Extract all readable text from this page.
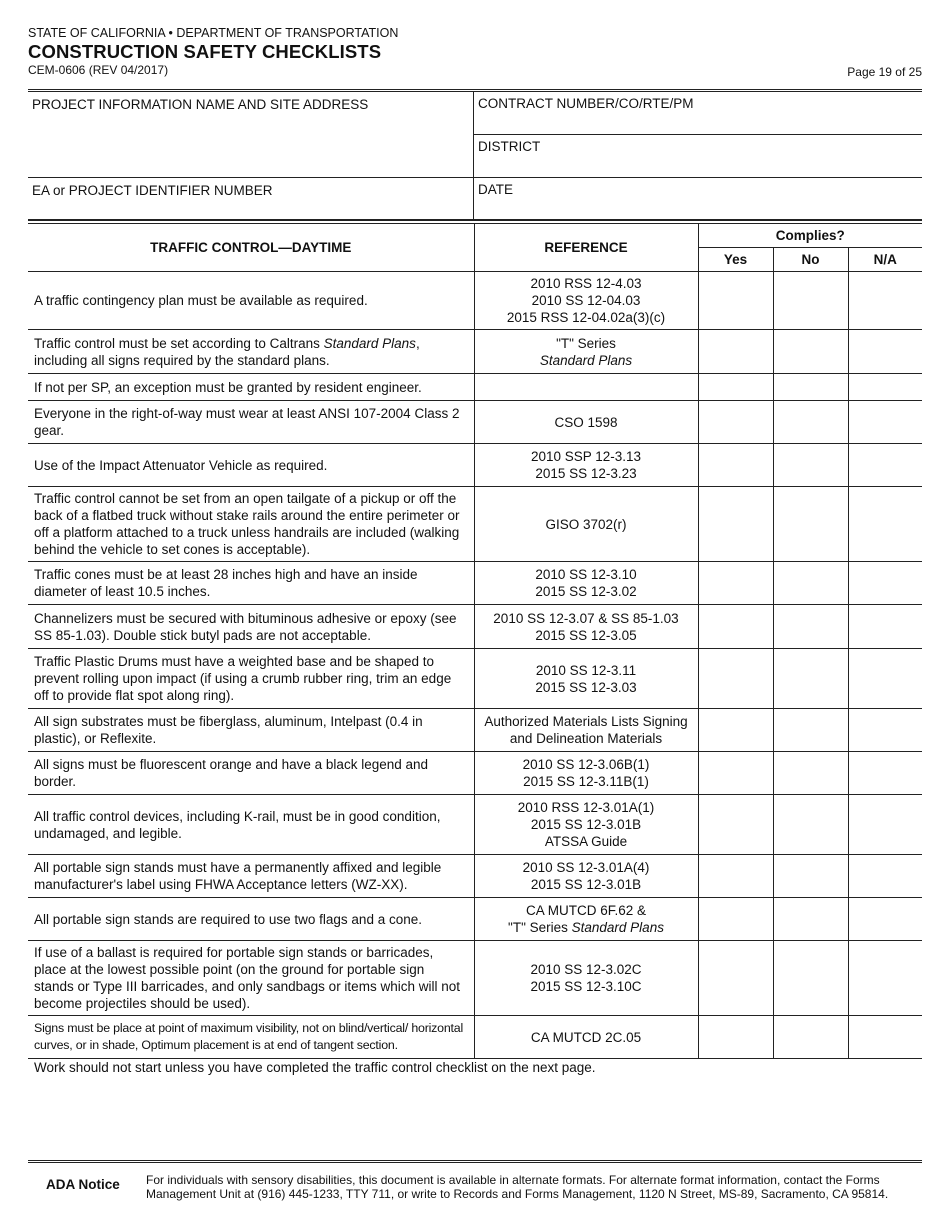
STATE OF CALIFORNIA • DEPARTMENT OF TRANSPORTATION
CONSTRUCTION SAFETY CHECKLISTS
CEM-0606 (REV 04/2017)	Page 19 of 25
PROJECT INFORMATION NAME AND SITE ADDRESS	CONTRACT NUMBER/CO/RTE/PM
DISTRICT
EA or PROJECT IDENTIFIER NUMBER	DATE
TRAFFIC CONTROL—DAYTIME	REFERENCE	Complies?		
		Yes	No	N/A
A traffic contingency plan must be available as required.	2010 RSS 12-4.03
2010 SS 12-04.03
2015 RSS 12-04.02a(3)(c)			

Traffic control must be set according to Caltrans Standard Plans, including all signs required by the standard plans.	"T" Series
Standard Plans			

If not per SP, an exception must be granted by resident engineer.	

Everyone in the right-of-way must wear at least ANSI 107-2004 Class 2 gear.	CSO 1598			

Use of the Impact Attenuator Vehicle as required.	2010 SSP 12-3.13
2015 SS 12-3.23			

Traffic control cannot be set from an open tailgate of a pickup or off the back of a flatbed truck without stake rails around the entire perimeter or off a platform attached to a truck unless handrails are included (walking behind the vehicle to set cones is acceptable).	GISO 3702(r)			

Traffic cones must be at least 28 inches high and have an inside diameter of least 10.5 inches.	2010 SS 12-3.10
2015 SS 12-3.02			

Channelizers must be secured with bituminous adhesive or epoxy (see SS 85-1.03). Double stick butyl pads are not acceptable.	2010 SS 12-3.07 & SS 85-1.03
2015 SS 12-3.05			

Traffic Plastic Drums must have a weighted base and be shaped to prevent rolling upon impact (if using a crumb rubber ring, trim an edge off to provide flat spot along ring).	2010 SS 12-3.11
2015 SS 12-3.03			

All sign substrates must be fiberglass, aluminum, Intelpast (0.4 in plastic), or Reflexite.	Authorized Materials Lists Signing
and Delineation Materials			

All signs must be fluorescent orange and have a black legend and border.	2010 SS 12-3.06B(1)
2015 SS 12-3.11B(1)			

All traffic control devices, including K-rail, must be in good condition, undamaged, and legible.	2010 RSS 12-3.01A(1)
2015 SS 12-3.01B
ATSSA Guide			

All portable sign stands must have a permanently affixed and legible manufacturer's label using FHWA Acceptance letters (WZ-XX).	2010 SS 12-3.01A(4)
2015 SS 12-3.01B			

All portable sign stands are required to use two flags and a cone.	CA MUTCD 6F.62 &
"T" Series Standard Plans			

If use of a ballast is required for portable sign stands or barricades, place at the lowest possible point (on the ground for portable sign stands or Type III barricades, and only sandbags or items which will not become projectiles should be used).	2010 SS 12-3.02C
2015 SS 12-3.10C			

Signs must be place at point of maximum visibility, not on blind/vertical/ horizontal curves, or in shade, Optimum placement is at end of tangent section.	CA MUTCD 2C.05			

Work should not start unless you have completed the traffic control checklist on the next page.
ADA Notice	For individuals with sensory disabilities, this document is available in alternate formats. For alternate format information, contact the Forms Management Unit at (916) 445-1233, TTY 711, or write to Records and Forms Management, 1120 N Street, MS-89, Sacramento, CA 95814.
